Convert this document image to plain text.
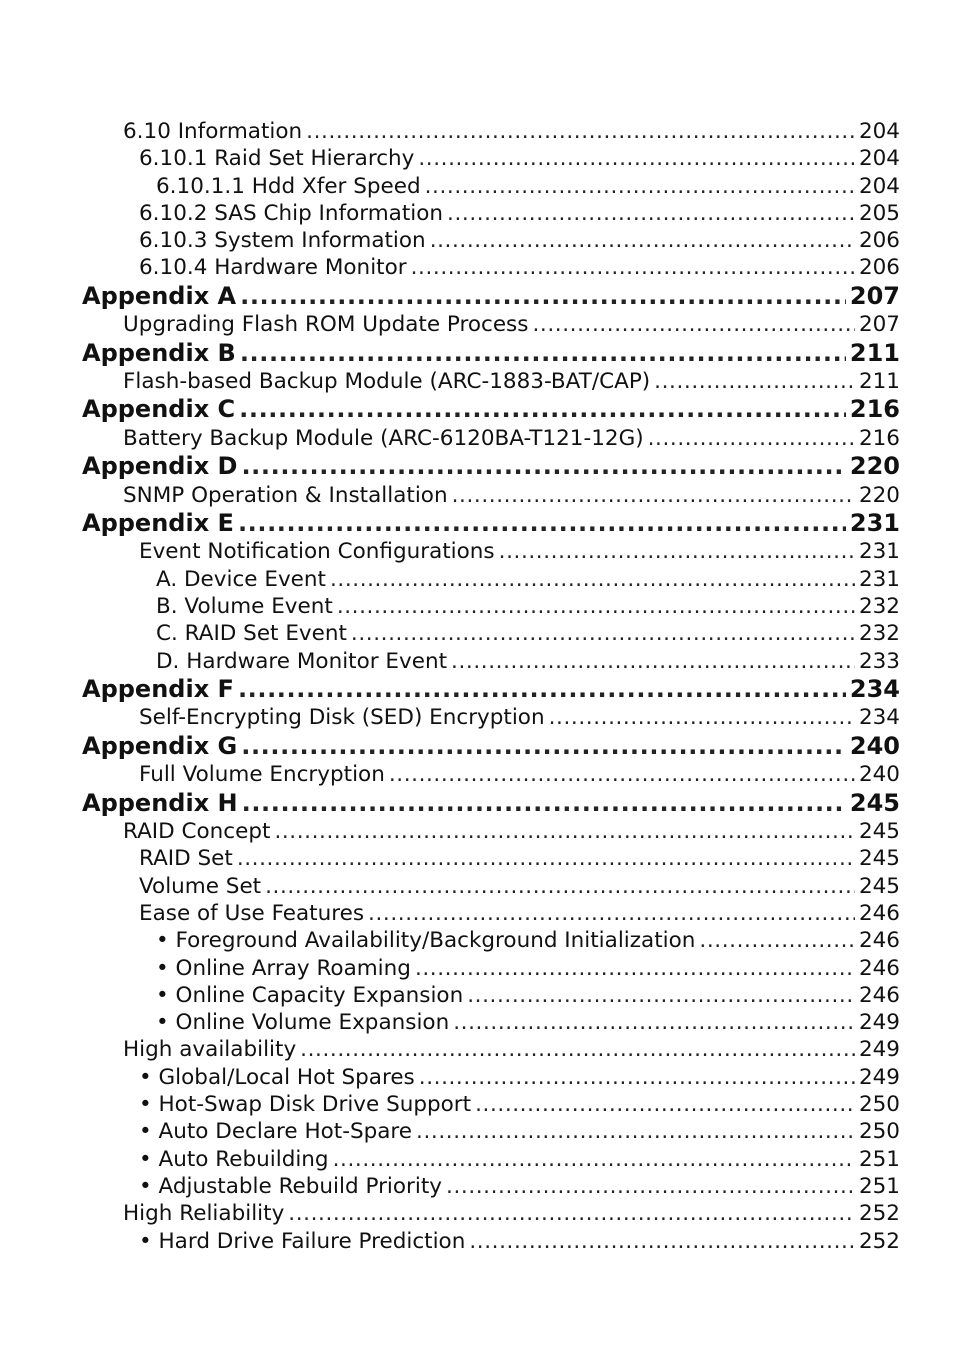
6.10 Information .....	204
6.10.1 Raid Set Hierarchy .....	204
6.10.1.1 Hdd Xfer Speed .....	204
6.10.2 SAS Chip Information .....	205
6.10.3 System Information .....	206
6.10.4 Hardware Monitor .....	206
Appendix A .....	207
Upgrading Flash ROM Update Process .....	207
Appendix B .....	211
Flash-based Backup Module (ARC-1883-BAT/CAP) .....	211
Appendix C .....	216
Battery Backup Module (ARC-6120BA-T121-12G) .....	216
Appendix D .....	220
SNMP Operation & Installation .....	220
Appendix E .....	231
Event Notification Configurations .....	231
A. Device Event .....	231
B. Volume Event .....	232
C. RAID Set Event .....	232
D. Hardware Monitor Event .....	233
Appendix F .....	234
Self-Encrypting Disk (SED) Encryption .....	234
Appendix G .....	240
Full Volume Encryption .....	240
Appendix H .....	245
RAID Concept .....	245
RAID Set .....	245
Volume Set .....	245
Ease of Use Features .....	246
• Foreground Availability/Background Initialization .....	246
• Online Array Roaming .....	246
• Online Capacity Expansion .....	246
• Online Volume Expansion .....	249
High availability .....	249
• Global/Local Hot Spares .....	249
• Hot-Swap Disk Drive Support .....	250
• Auto Declare Hot-Spare .....	250
• Auto Rebuilding .....	251
• Adjustable Rebuild Priority .....	251
High Reliability .....	252
• Hard Drive Failure Prediction .....	252
